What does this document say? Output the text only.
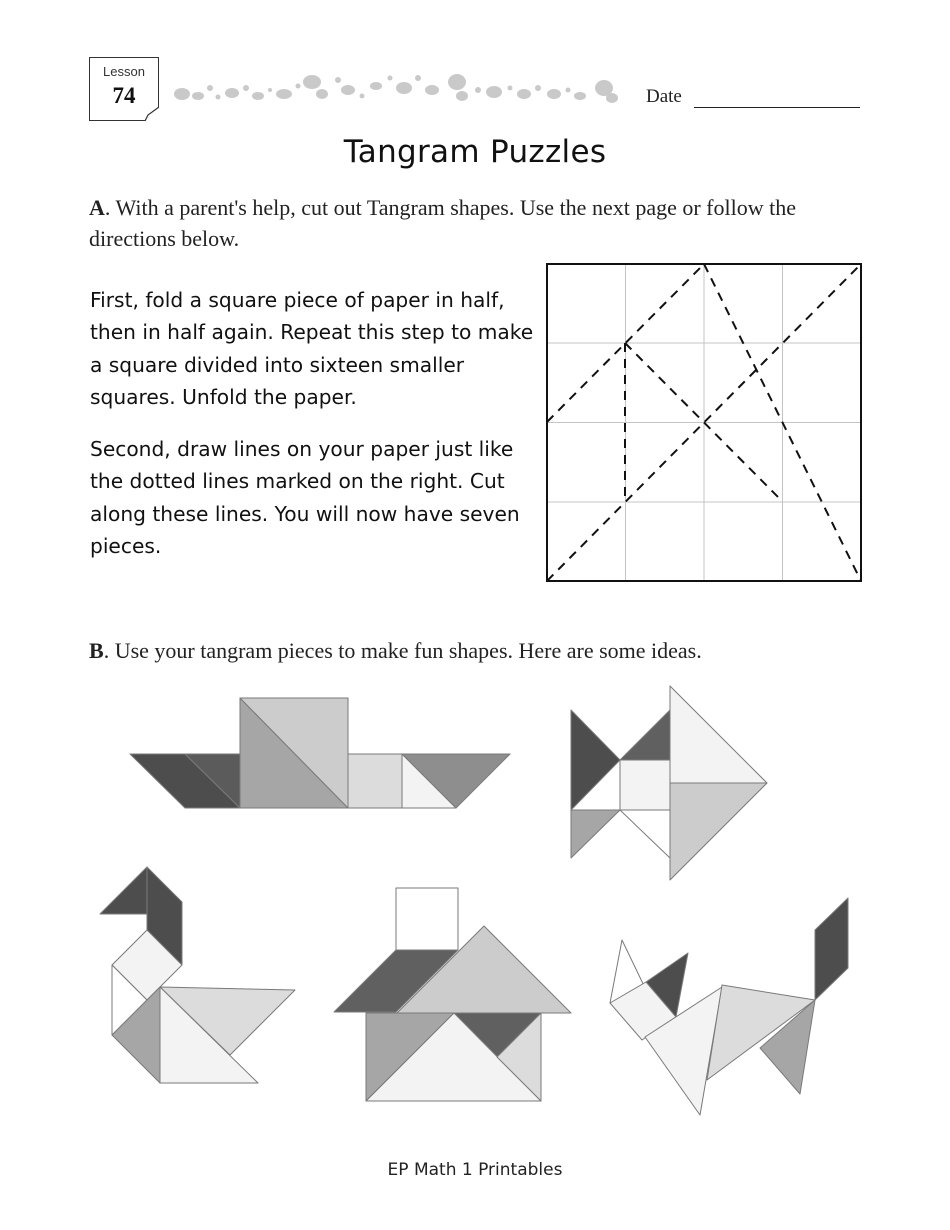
Lesson
74	Date
Tangram Puzzles
A. With a parent's help, cut out Tangram shapes. Use the next page or follow the directions below.
First, fold a square piece of paper in half, then in half again. Repeat this step to make a square divided into sixteen smaller squares. Unfold the paper.
Second, draw lines on your paper just like the dotted lines marked on the right. Cut along these lines. You will now have seven pieces.
B. Use your tangram pieces to make fun shapes. Here are some ideas.
EP Math 1 Printables
